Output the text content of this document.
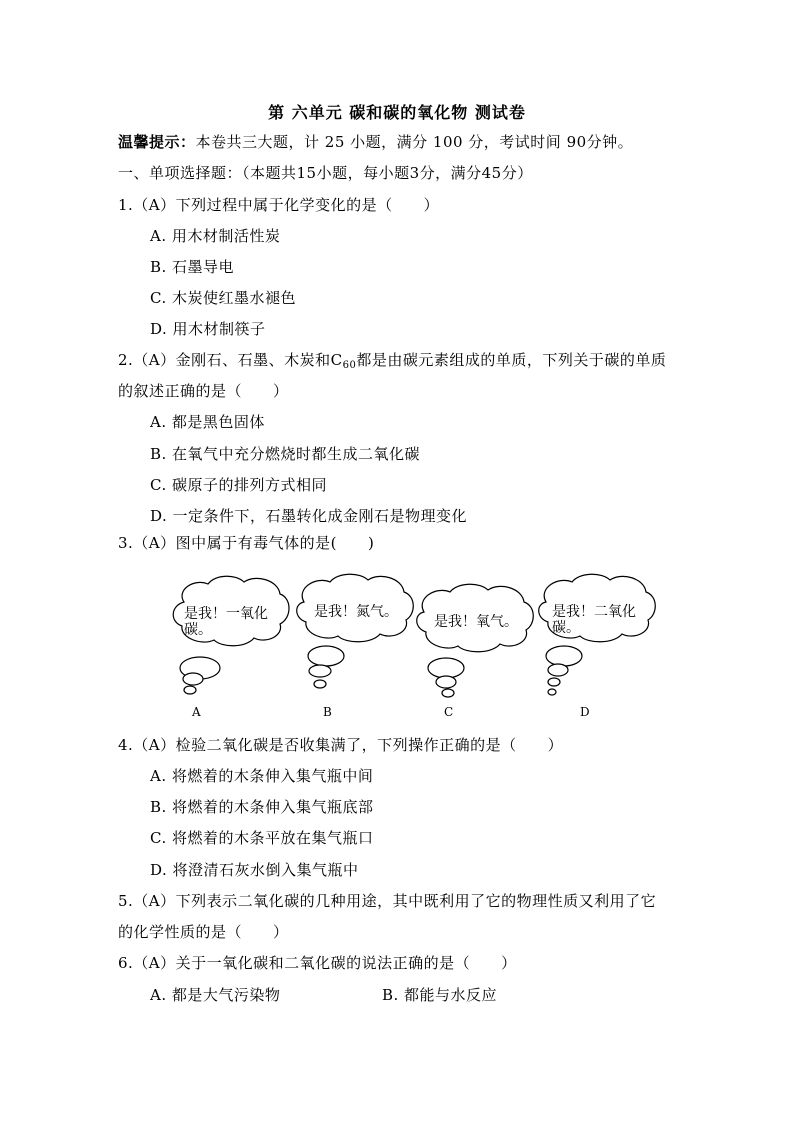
第 六单元 碳和碳的氧化物 测试卷
温馨提示：本卷共三大题，计 25 小题，满分 100 分，考试时间 90分钟。
一、单项选择题：（本题共15小题，每小题3分，满分45分）
1.（A）下列过程中属于化学变化的是（　　）
A. 用木材制活性炭
B. 石墨导电
C. 木炭使红墨水褪色
D. 用木材制筷子
2.（A）金刚石、石墨、木炭和$C_{60}$都是由碳元素组成的单质，下列关于碳的单质
的叙述正确的是（　　）
A. 都是黑色固体
B. 在氧气中充分燃烧时都生成二氧化碳
C. 碳原子的排列方式相同
D. 一定条件下，石墨转化成金刚石是物理变化
3.（A）图中属于有毒气体的是(　　)
是我！一氧化
碳。
A
是我！氮气。
B
是我！氧气。
C
是我！二氧化
碳。
D
4.（A）检验二氧化碳是否收集满了，下列操作正确的是（　　）
A. 将燃着的木条伸入集气瓶中间
B. 将燃着的木条伸入集气瓶底部
C. 将燃着的木条平放在集气瓶口
D. 将澄清石灰水倒入集气瓶中
5.（A）下列表示二氧化碳的几种用途，其中既利用了它的物理性质又利用了它
的化学性质的是（　　）
6.（A）关于一氧化碳和二氧化碳的说法正确的是（　　）
A. 都是大气污染物	B. 都能与水反应
